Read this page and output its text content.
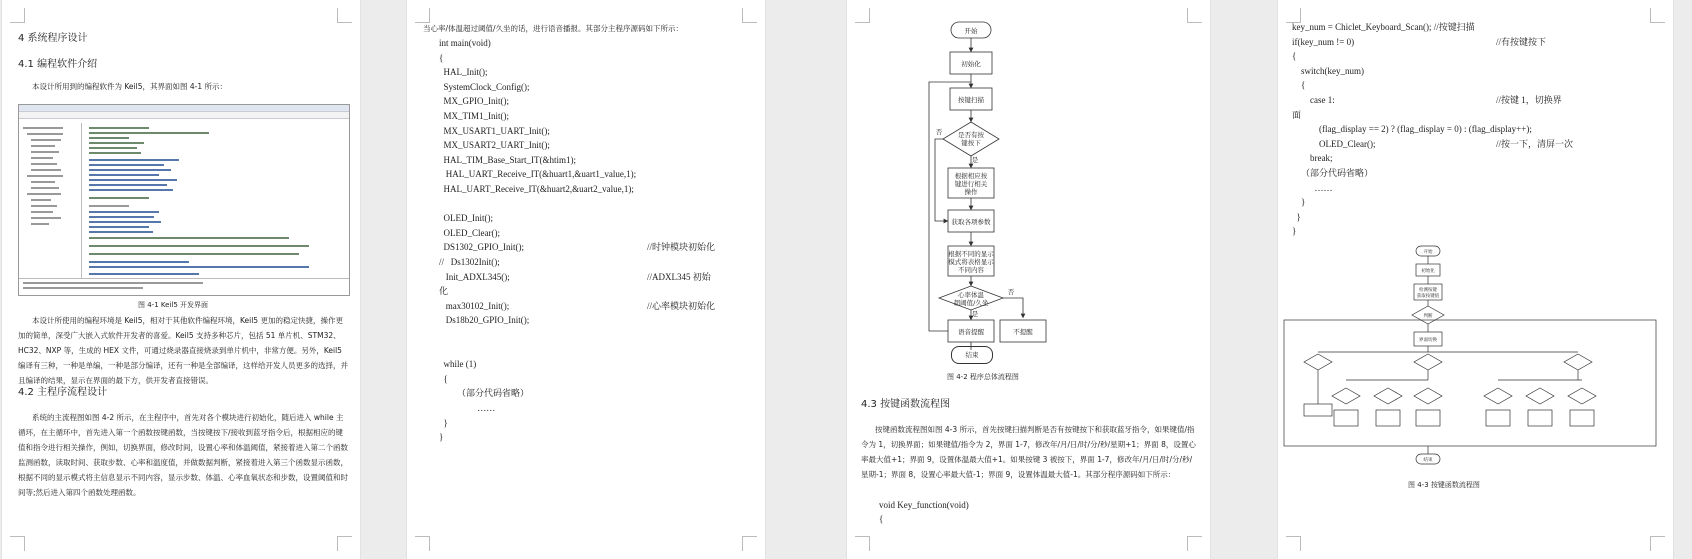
4 系统程序设计
4.1 编程软件介绍
本设计所用到的编程软件为 Keil5，其界面如图 4-1 所示：
图 4-1 Keil5 开发界面
本设计所使用的编程环境是 Keil5，相对于其他软件编程环境，Keil5 更加的稳定快捷，操作更加的简单，深受广大嵌入式软件开发者的喜爱。Keil5 支持多种芯片，包括 51 单片机、STM32、HC32、NXP 等，生成的 HEX 文件，可通过烧录器直接烧录到单片机中，非常方便。另外，Keil5 编译有三种，一种是单编，一种是部分编译，还有一种是全部编译，这样给开发人员更多的选择，并且编译的结果，显示在界面的最下方，供开发者直接错误。
4.2 主程序流程设计
系统的主流程图如图 4-2 所示，在主程序中，首先对各个模块进行初始化，随后进入 while 主循环，在主循环中，首先进入第一个函数按键函数，当按键按下/接收到蓝牙指令后，根据相应的键值和指令进行相关操作，例如，切换界面，修改时间，设置心率和体温阈值，紧接着进入第二个函数监测函数，读取时间、获取步数、心率和温度值，并做数据判断，紧接着进入第三个函数显示函数，根据不同的显示模式将主信息显示不同内容，显示步数、体温、心率血氧状态和步数，设置阈值和时间等;然后进入第四个函数处理函数。
当心率/体温超过阈值/久坐的话，进行语音播报。其部分主程序源码如下所示：
int main(void)
{
HAL_Init();
SystemClock_Config();
MX_GPIO_Init();
MX_TIM1_Init();
MX_USART1_UART_Init();
MX_USART2_UART_Init();
HAL_TIM_Base_Start_IT(&htim1);
HAL_UART_Receive_IT(&huart1,&uart1_value,1);
HAL_UART_Receive_IT(&huart2,&uart2_value,1);
OLED_Init();
OLED_Clear();
DS1302_GPIO_Init();	//时钟模块初始化
//   Ds1302Init();
Init_ADXL345();	//ADXL345 初始
化
max30102_Init();	//心率模块初始化
Ds18b20_GPIO_Init();
while (1)
{
（部分代码省略）
……
}
}
开始
初始化
按键扫描
是否有按
键按下
根据相应按
键进行相关
操作
获取各项参数
根据不同的显示
模式将表格显示
不同内容
心率体温
超阈值/久坐
语音提醒	不提醒
是
否
是
否
结束
图 4-2 程序总体流程图
4.3 按键函数流程图
按键函数流程图如图 4-3 所示，首先按键扫描判断是否有按键按下和获取蓝牙指令，如果键值/指令为 1，切换界面；如果键值/指令为 2，界面 1-7，修改年/月/日/时/分/秒/星期+1；界面 8，设置心率最大值+1；界面 9，设置体温最大值+1。如果按键 3 被按下，界面 1-7，修改年/月/日/时/分/秒/星期-1；界面 8，设置心率最大值-1；界面 9，设置体温最大值-1。其部分程序源码如下所示：
void Key_function(void)
{
key_num = Chiclet_Keyboard_Scan(); //按键扫描
if(key_num != 0)	//有按键按下
{
switch(key_num)
{
case 1:	//按键 1，切换界
面
(flag_display == 2) ? (flag_display = 0) : (flag_display++);
OLED_Clear();	//按一下，清屏一次
break;
（部分代码省略）
……
}
}
}
开始
初始化
检测按键
获取按键值
判断
界面切换
结束
图 4-3 按键函数流程图
